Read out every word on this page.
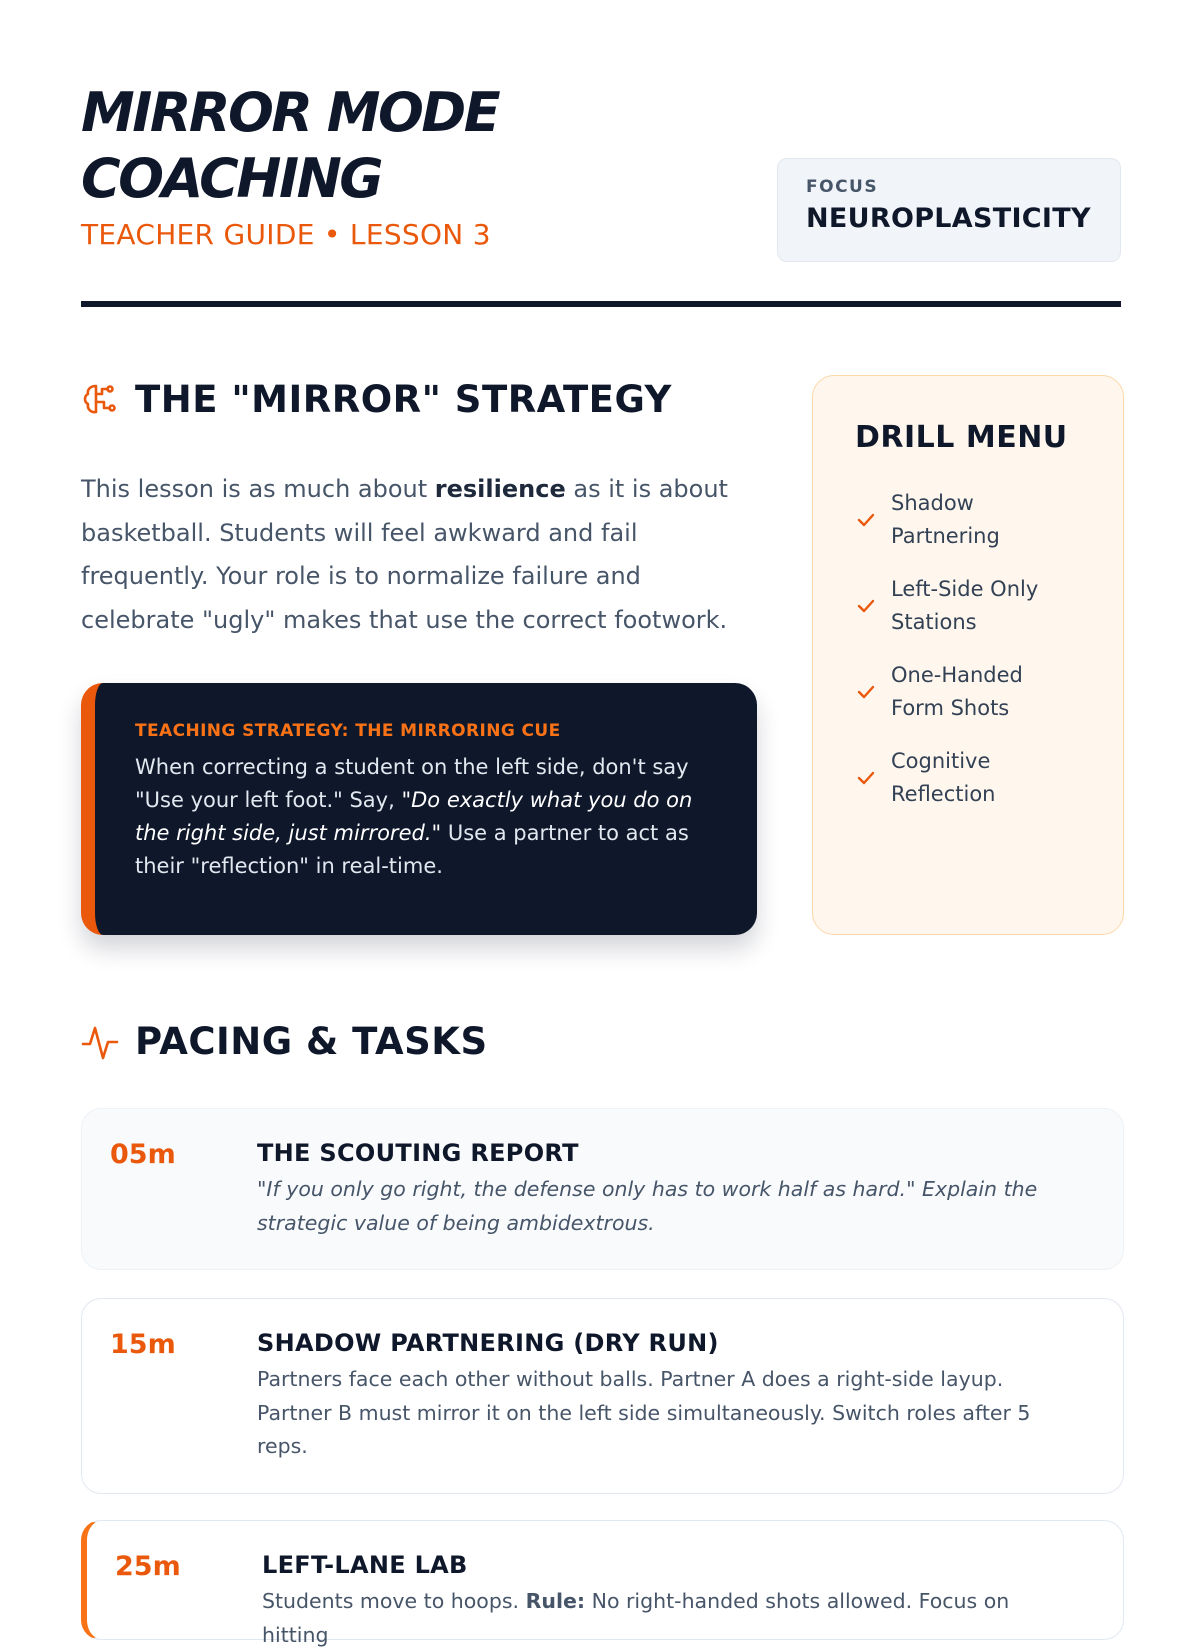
MIRROR MODE COACHING
TEACHER GUIDE • LESSON 3
FOCUS
NEUROPLASTICITY
THE "MIRROR" STRATEGY

This lesson is as much about resilience as it is about basketball. Students will feel awkward and fail frequently. Your role is to normalize failure and celebrate "ugly" makes that use the correct footwork.

TEACHING STRATEGY: THE MIRRORING CUE

When correcting a student on the left side, don't say "Use your left foot." Say, "Do exactly what you do on the right side, just mirrored." Use a partner to act as their "reflection" in real-time.

DRILL MENU
Shadow Partnering
Left-Side Only Stations
One-Handed Form Shots
Cognitive Reflection
PACING & TASKS
05m	THE SCOUTING REPORT
"If you only go right, the defense only has to work half as hard." Explain the strategic value of being ambidextrous.
15m	SHADOW PARTNERING (DRY RUN)
Partners face each other without balls. Partner A does a right-side layup. Partner B must mirror it on the left side simultaneously. Switch roles after 5 reps.
25m	LEFT-LANE LAB
Students move to hoops. Rule: No right-handed shots allowed. Focus on hitting
